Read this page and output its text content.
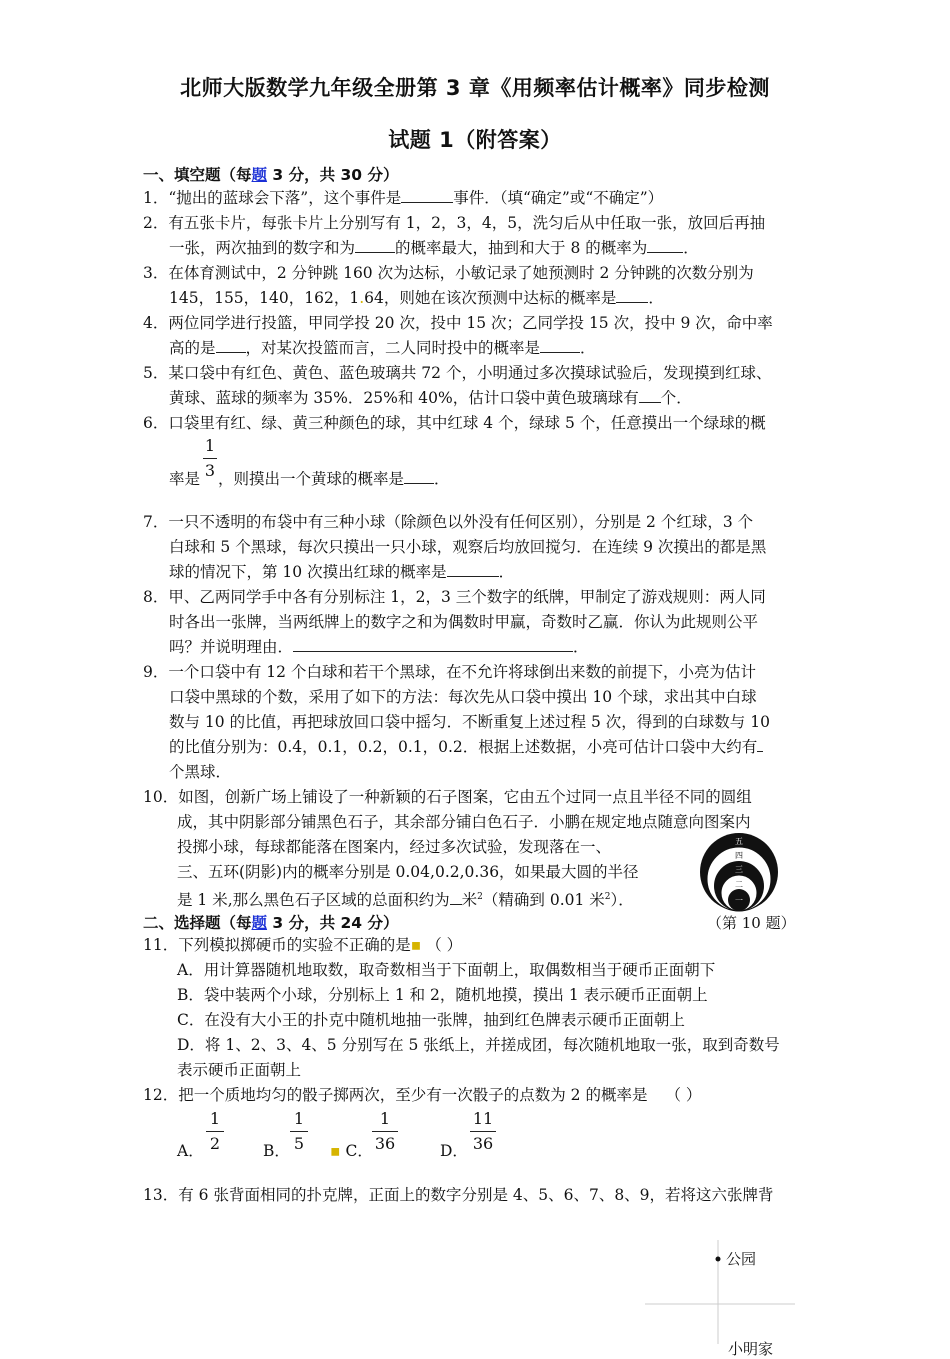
北师大版数学九年级全册第 3 章《用频率估计概率》同步检测
试题 1（附答案）
一、填空题（每题 3 分，共 30 分）
1．“抛出的蓝球会下落”，这个事件是	事件．（填“确定”或“不确定”）
2．有五张卡片，每张卡片上分别写有 1，2，3，4，5，洗匀后从中任取一张，放回后再抽
一张，两次抽到的数字和为	的概率最大，抽到和大于 8 的概率为 ．
3．在体育测试中，2 分钟跳 160 次为达标，小敏记录了她预测时 2 分钟跳的次数分别为
145，155，140，162，1.64，则她在该次预测中达标的概率是 ．
4．两位同学进行投篮，甲同学投 20 次，投中 15 次；乙同学投 15 次，投中 9 次，命中率
高的是 ，对某次投篮而言，二人同时投中的概率是	．
5．某口袋中有红色、黄色、蓝色玻璃共 72 个，小明通过多次摸球试验后，发现摸到红球、
黄球、蓝球的频率为 35%．25%和 40%，估计口袋中黄色玻璃球有 个．
6．口袋里有红、绿、黄三种颜色的球，其中红球 4 个，绿球 5 个，任意摸出一个绿球的概
1
3
率是 ，则摸出一个黄球的概率是 ．
7．一只不透明的布袋中有三种小球（除颜色以外没有任何区别），分别是 2 个红球，3 个
白球和 5 个黑球，每次只摸出一只小球，观察后均放回搅匀．在连续 9 次摸出的都是黑
球的情况下，第 10 次摸出红球的概率是	．
8．甲、乙两同学手中各有分别标注 1，2，3 三个数字的纸牌，甲制定了游戏规则：两人同
时各出一张牌，当两纸牌上的数字之和为偶数时甲赢，奇数时乙赢．你认为此规则公平
吗？并说明理由．	．
9．一个口袋中有 12 个白球和若干个黑球，在不允许将球倒出来数的前提下，小亮为估计
口袋中黑球的个数，采用了如下的方法：每次先从口袋中摸出 10 个球，求出其中白球
数与 10 的比值，再把球放回口袋中摇匀．不断重复上述过程 5 次，得到的白球数与 10
的比值分别为：0.4，0.1，0.2，0.1，0.2．根据上述数据，小亮可估计口袋中大约有
个黑球．
10．如图，创新广场上铺设了一种新颖的石子图案，它由五个过同一点且半径不同的圆组
成，其中阴影部分铺黑色石子，其余部分铺白色石子．小鹏在规定地点随意向图案内
投掷小球，每球都能落在图案内，经过多次试验，发现落在一、
三、五环(阴影)内的概率分别是 0.04,0.2,0.36，如果最大圆的半径
是 1 米,那么黑色石子区域的总面积约为 米$^2$（精确到 0.01 米$^2$）．
五
四
三
二
一
（第 10 题）
二、选择题（每题 3 分，共 24 分）
11．下列模拟掷硬币的实验不正确的是▪ （ ）
A．用计算器随机地取数，取奇数相当于下面朝上，取偶数相当于硬币正面朝下
B．袋中装两个小球，分别标上 1 和 2，随机地摸，摸出 1 表示硬币正面朝上
C．在没有大小王的扑克中随机地抽一张牌，抽到红色牌表示硬币正面朝上
D．将 1、2、3、4、5 分别写在 5 张纸上，并搓成团，每次随机地取一张，取到奇数号
表示硬币正面朝上
12．把一个质地均匀的骰子掷两次，至少有一次骰子的点数为 2 的概率是 （ ）
A．
1
2	B．
1
5 ▪ C．
1
36	D．
11
36
13．有 6 张背面相同的扑克牌，正面上的数字分别是 4、5、6、7、8、9，若将这六张牌背
公园
小明家
